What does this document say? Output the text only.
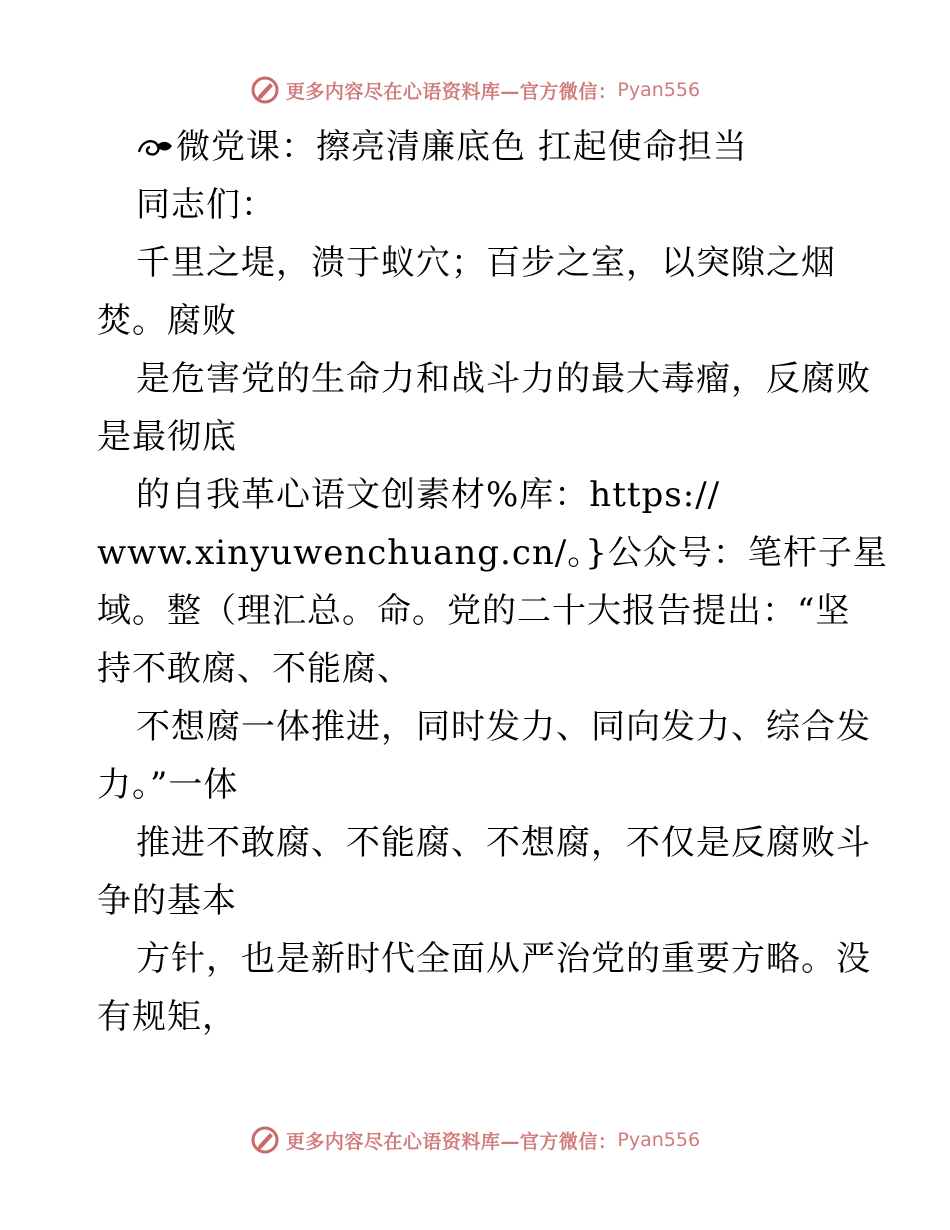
更多内容尽在心语资料库—官方微信： Pyan556
微党课：擦亮清廉底色 扛起使命担当
同志们：
千里之堤，溃于蚁穴；百步之室，以突隙之烟
焚。腐败
是危害党的生命力和战斗力的最大毒瘤，反腐败
是最彻底
的自我革心语文创素材%库：https://
www.xinyuwenchuang.cn/。}公众号：笔杆子星
域。整（理汇总。命。党的二十大报告提出：“坚
持不敢腐、不能腐、
不想腐一体推进，同时发力、同向发力、综合发
力。”一体
推进不敢腐、不能腐、不想腐，不仅是反腐败斗
争的基本
方针，也是新时代全面从严治党的重要方略。没
有规矩，
更多内容尽在心语资料库—官方微信： Pyan556
